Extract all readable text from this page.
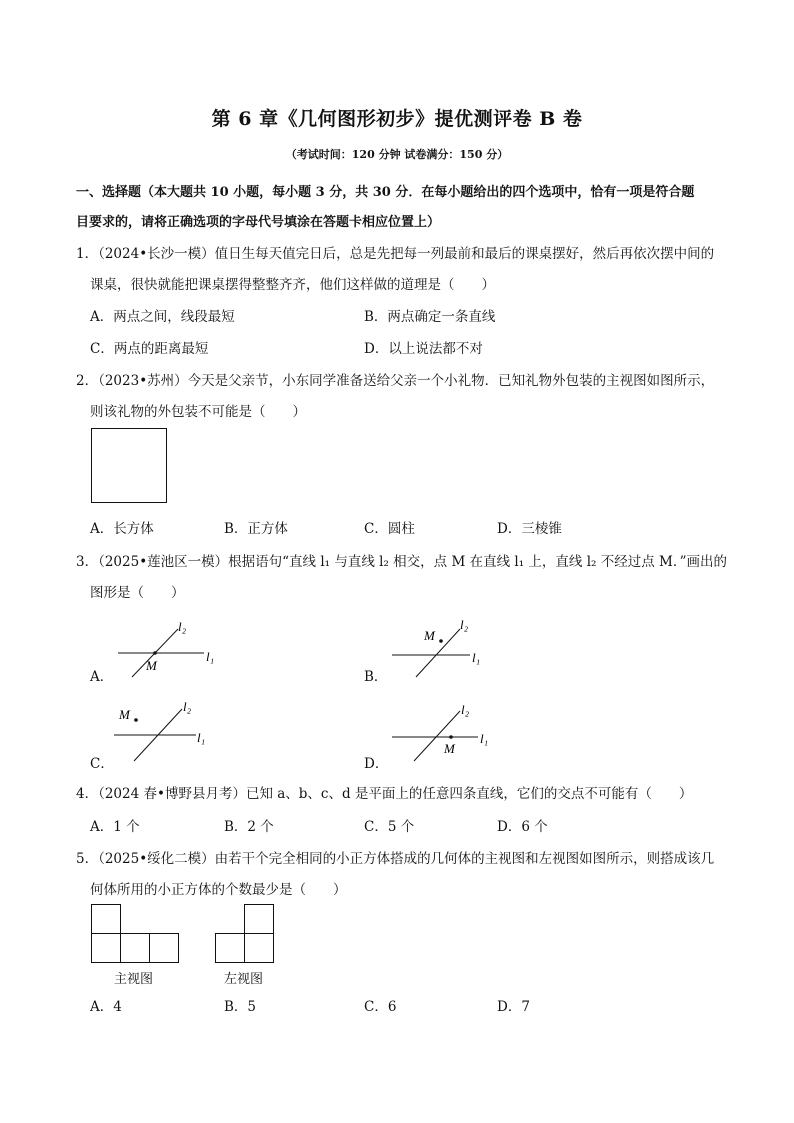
第 6 章《几何图形初步》提优测评卷 B 卷
（考试时间：120 分钟 试卷满分：150 分）
一、选择题（本大题共 10 小题，每小题 3 分，共 30 分．在每小题给出的四个选项中，恰有一项是符合题
目要求的，请将正确选项的字母代号填涂在答题卡相应位置上）
1．（2024•长沙一模）值日生每天值完日后，总是先把每一列最前和最后的课桌摆好，然后再依次摆中间的
课桌，很快就能把课桌摆得整整齐齐，他们这样做的道理是（　　）
A．两点之间，线段最短	B．两点确定一条直线
C．两点的距离最短	D．以上说法都不对
2．（2023•苏州）今天是父亲节，小东同学准备送给父亲一个小礼物．已知礼物外包装的主视图如图所示，
则该礼物的外包装不可能是（　　）
A．长方体	B．正方体	C．圆柱	D．三棱锥
3．（2025•莲池区一模）根据语句“直线 l₁ 与直线 l₂ 相交，点 M 在直线 l₁ 上，直线 l₂ 不经过点 M．”画出的
图形是（　　）
A．
M
l₁
l₂
B．
M
l₁
l₂
C．
M
l₁
l₂
D．
M
l₁
l₂
4．（2024 春•博野县月考）已知 a、b、c、d 是平面上的任意四条直线，它们的交点不可能有（　　）
A．1 个	B．2 个	C．5 个	D．6 个
5．（2025•绥化二模）由若干个完全相同的小正方体搭成的几何体的主视图和左视图如图所示，则搭成该几
何体所用的小正方体的个数最少是（　　）
主视图	左视图
A．4	B．5	C．6	D．7
